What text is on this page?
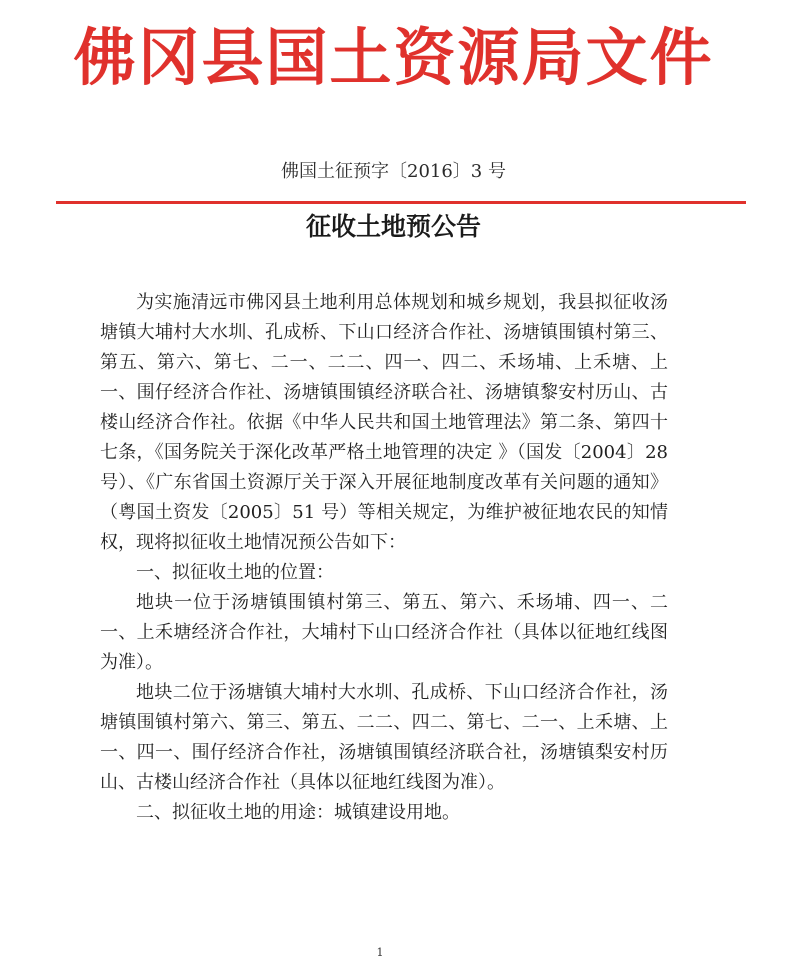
佛冈县国土资源局文件
佛国土征预字〔2016〕3 号
征收土地预公告

为实施清远市佛冈县土地利用总体规划和城乡规划，我县拟征收汤塘镇大埔村大水圳、孔成桥、下山口经济合作社、汤塘镇围镇村第三、第五、第六、第七、二一、二二、四一、四二、禾场埔、上禾塘、上一、围仔经济合作社、汤塘镇围镇经济联合社、汤塘镇黎安村历山、古楼山经济合作社。依据《中华人民共和国土地管理法》第二条、第四十七条，《国务院关于深化改革严格土地管理的决定 》（国发〔2004〕28 号）、《广东省国土资源厅关于深入开展征地制度改革有关问题的通知》（粤国土资发〔2005〕51 号）等相关规定，为维护被征地农民的知情权，现将拟征收土地情况预公告如下：

一、拟征收土地的位置：

地块一位于汤塘镇围镇村第三、第五、第六、禾场埔、四一、二一、上禾塘经济合作社，大埔村下山口经济合作社（具体以征地红线图为准）。

地块二位于汤塘镇大埔村大水圳、孔成桥、下山口经济合作社，汤塘镇围镇村第六、第三、第五、二二、四二、第七、二一、上禾塘、上一、四一、围仔经济合作社，汤塘镇围镇经济联合社，汤塘镇梨安村历山、古楼山经济合作社（具体以征地红线图为准）。

二、拟征收土地的用途：城镇建设用地。

1
